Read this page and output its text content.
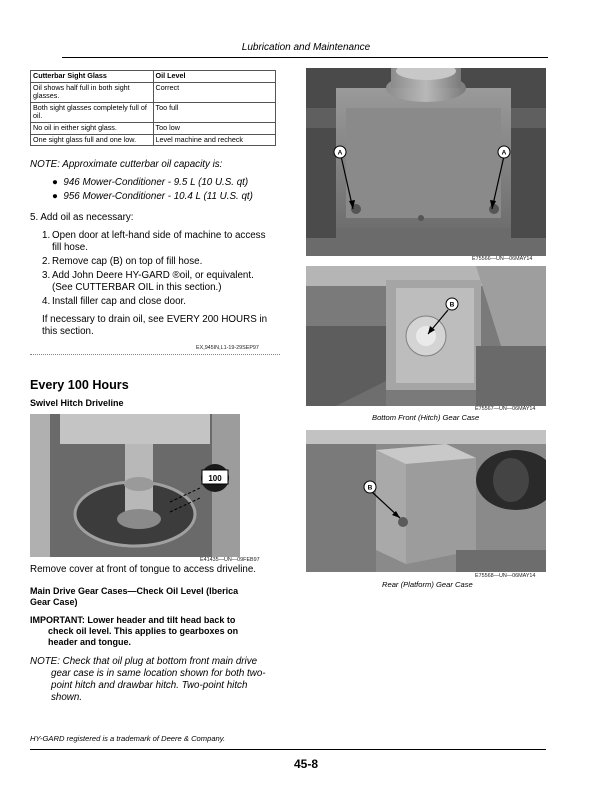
Lubrication and Maintenance
Cutterbar Sight Glass	Oil Level
Oil shows half full in both sight glasses.	Correct
Both sight glasses completely full of oil.	Too full
No oil in either sight glass.	Too low
One sight glass full and one low.	Level machine and recheck
NOTE: Approximate cutterbar oil capacity is:
● 946 Mower-Conditioner - 9.5 L (10 U.S. qt)
● 956 Mower-Conditioner - 10.4 L (11 U.S. qt)
5. Add oil as necessary:
1. Open door at left-hand side of machine to access
fill hose.
2. Remove cap (B) on top of fill hose.
3. Add John Deere HY-GARD ®oil, or equivalent.
(See CUTTERBAR OIL in this section.)
4. Install filler cap and close door.
If necessary to drain oil, see EVERY 200 HOURS in
this section.
EX,945IN,L1-19-29SEP97
Every 100 Hours
Swivel Hitch Driveline
A	A
E75566—UN—06MAY14
B
E75567—UN—06MAY14
Bottom Front (Hitch) Gear Case
100
E41435—UN—09FEB97
Remove cover at front of tongue to access driveline.
B
E75568—UN—06MAY14
Rear (Platform) Gear Case
Main Drive Gear Cases—Check Oil Level (Iberica
Gear Case)
IMPORTANT: Lower header and tilt head back to
check oil level. This applies to gearboxes on
header and tongue.
NOTE: Check that oil plug at bottom front main drive
gear case is in same location shown for both two-
point hitch and drawbar hitch. Two-point hitch
shown.
HY-GARD registered is a trademark of Deere & Company.
45-8
